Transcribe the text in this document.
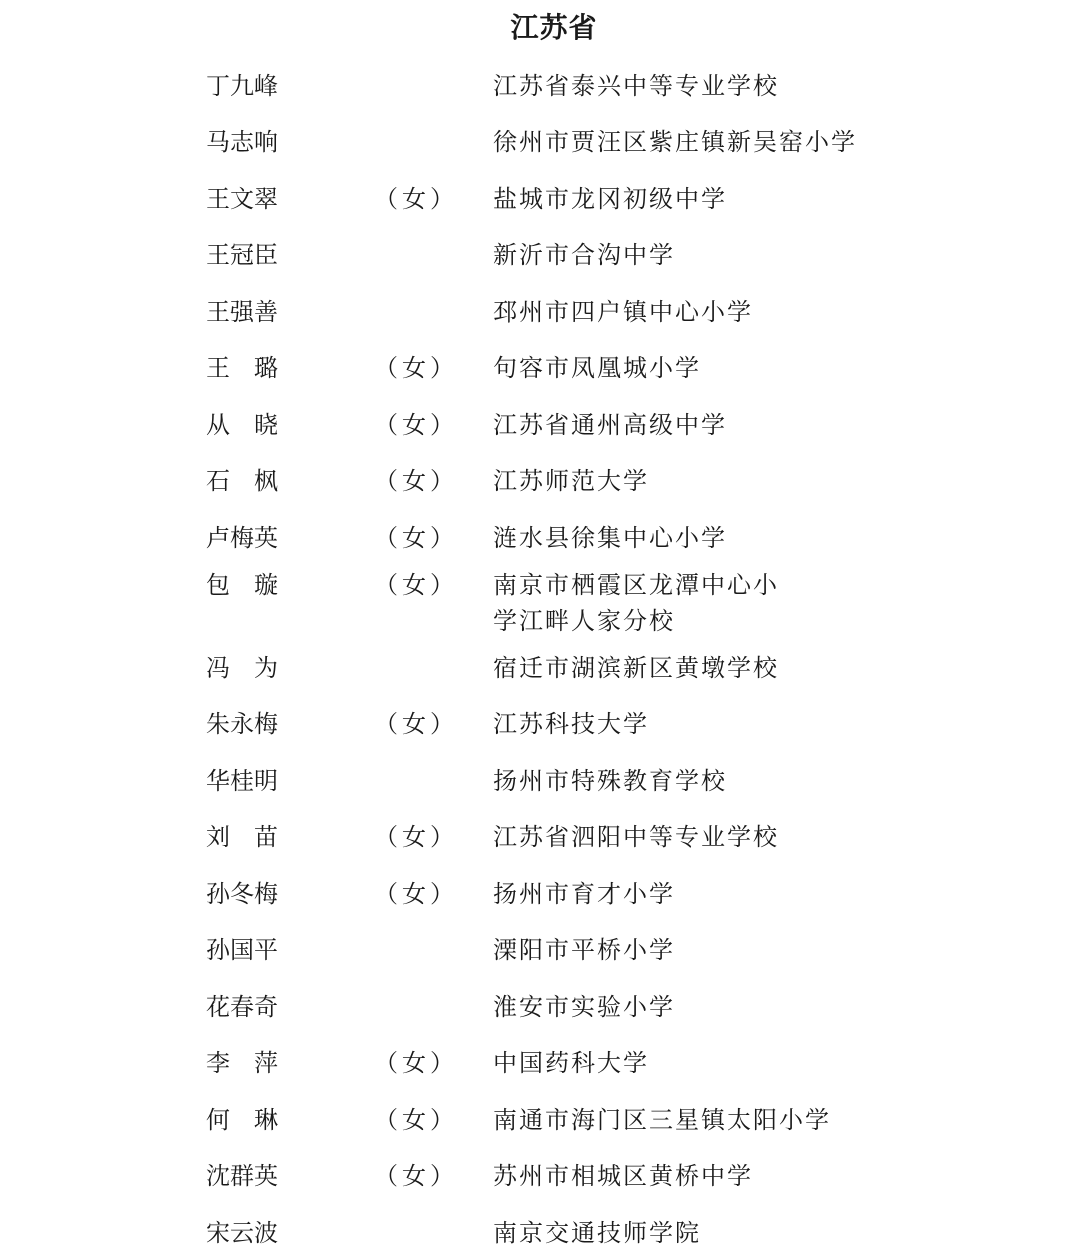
江苏省
丁九峰	江苏省泰兴中等专业学校
马志响	徐州市贾汪区紫庄镇新吴窑小学
王文翠	（女） 盐城市龙冈初级中学
王冠臣	新沂市合沟中学
王强善	邳州市四户镇中心小学
王璐	（女） 句容市凤凰城小学
从晓	（女） 江苏省通州高级中学
石枫	（女） 江苏师范大学
卢梅英	（女） 涟水县徐集中心小学
包璇	（女） 南京市栖霞区龙潭中心小学江畔人家分校
冯为	宿迁市湖滨新区黄墩学校
朱永梅	（女） 江苏科技大学
华桂明	扬州市特殊教育学校
刘苗	（女） 江苏省泗阳中等专业学校
孙冬梅	（女） 扬州市育才小学
孙国平	溧阳市平桥小学
花春奇	淮安市实验小学
李萍	（女） 中国药科大学
何琳	（女） 南通市海门区三星镇太阳小学
沈群英	（女） 苏州市相城区黄桥中学
宋云波	南京交通技师学院
